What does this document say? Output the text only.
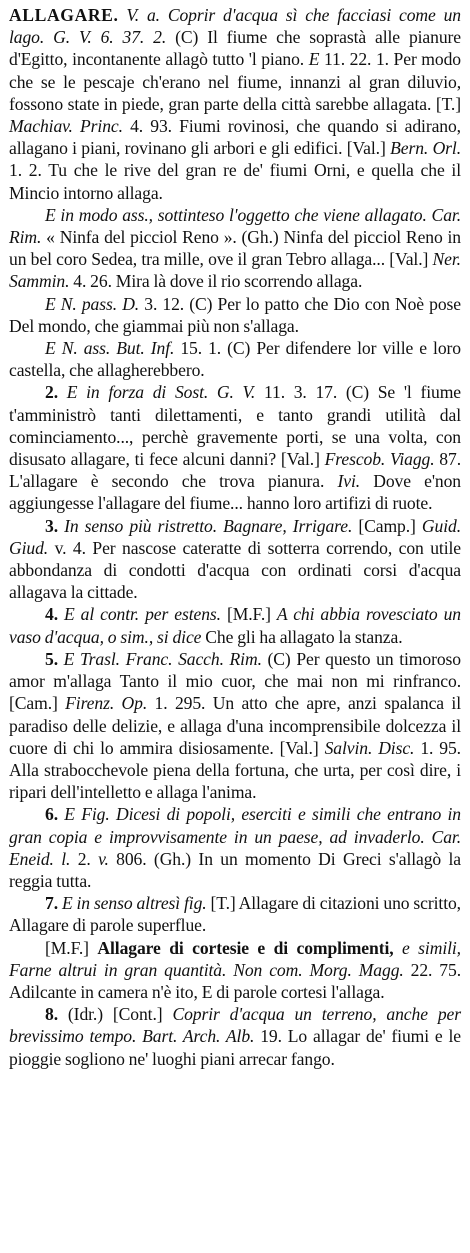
ALLAGARE. V. a. Coprir d'acqua sì che facciasi come un lago. G. V. 6. 37. 2. (C) Il fiume che soprastà alle pianure d'Egitto, incontanente allagò tutto 'l piano. E 11. 22. 1. Per modo che se le pescaje ch'erano nel fiume, innanzi al gran diluvio, fossono state in piede, gran parte della città sarebbe allagata. [T.] Machiav. Princ. 4. 93. Fiumi rovinosi, che quando si adirano, allagano i piani, rovinano gli arbori e gli edifici. [Val.] Bern. Orl. 1. 2. Tu che le rive del gran re de' fiumi Orni, e quella che il Mincio intorno allaga.

E in modo ass., sottinteso l'oggetto che viene allagato. Car. Rim. « Ninfa del picciol Reno ». (Gh.) Ninfa del picciol Reno in un bel coro Sedea, tra mille, ove il gran Tebro allaga... [Val.] Ner. Sammin. 4. 26. Mira là dove il rio scorrendo allaga.

E N. pass. D. 3. 12. (C) Per lo patto che Dio con Noè pose Del mondo, che giammai più non s'allaga.

E N. ass. But. Inf. 15. 1. (C) Per difendere lor ville e loro castella, che allagherebbero.

2. E in forza di Sost. G. V. 11. 3. 17. (C) Se 'l fiume t'amministrò tanti dilettamenti, e tanto grandi utilità dal cominciamento..., perchè gravemente porti, se una volta, con disusato allagare, ti fece alcuni danni? [Val.] Frescob. Viagg. 87. L'allagare è secondo che trova pianura. Ivi. Dove e'non aggiungesse l'allagare del fiume... hanno loro artifizi di ruote.

3. In senso più ristretto. Bagnare, Irrigare. [Camp.] Guid. Giud. v. 4. Per nascose cateratte di sotterra correndo, con utile abbondanza di condotti d'acqua con ordinati corsi d'acqua allagava la cittade.

4. E al contr. per estens. [M.F.] A chi abbia rovesciato un vaso d'acqua, o sim., si dice Che gli ha allagato la stanza.

5. E Trasl. Franc. Sacch. Rim. (C) Per questo un timoroso amor m'allaga Tanto il mio cuor, che mai non mi rinfranco. [Cam.] Firenz. Op. 1. 295. Un atto che apre, anzi spalanca il paradiso delle delizie, e allaga d'una incomprensibile dolcezza il cuore di chi lo ammira disiosamente. [Val.] Salvin. Disc. 1. 95. Alla strabocchevole piena della fortuna, che urta, per così dire, i ripari dell'intelletto e allaga l'anima.

6. E Fig. Dicesi di popoli, eserciti e simili che entrano in gran copia e improvvisamente in un paese, ad invaderlo. Car. Eneid. l. 2. v. 806. (Gh.) In un momento Di Greci s'allagò la reggia tutta.

7. E in senso altresì fig. [T.] Allagare di citazioni uno scritto, Allagare di parole superflue.

[M.F.] Allagare di cortesie e di complimenti, e simili, Farne altrui in gran quantità. Non com. Morg. Magg. 22. 75. Adilcante in camera n'è ito, E di parole cortesi l'allaga.

8. (Idr.) [Cont.] Coprir d'acqua un terreno, anche per brevissimo tempo. Bart. Arch. Alb. 19. Lo allagar de' fiumi e le pioggie sogliono ne' luoghi piani arrecar fango.
